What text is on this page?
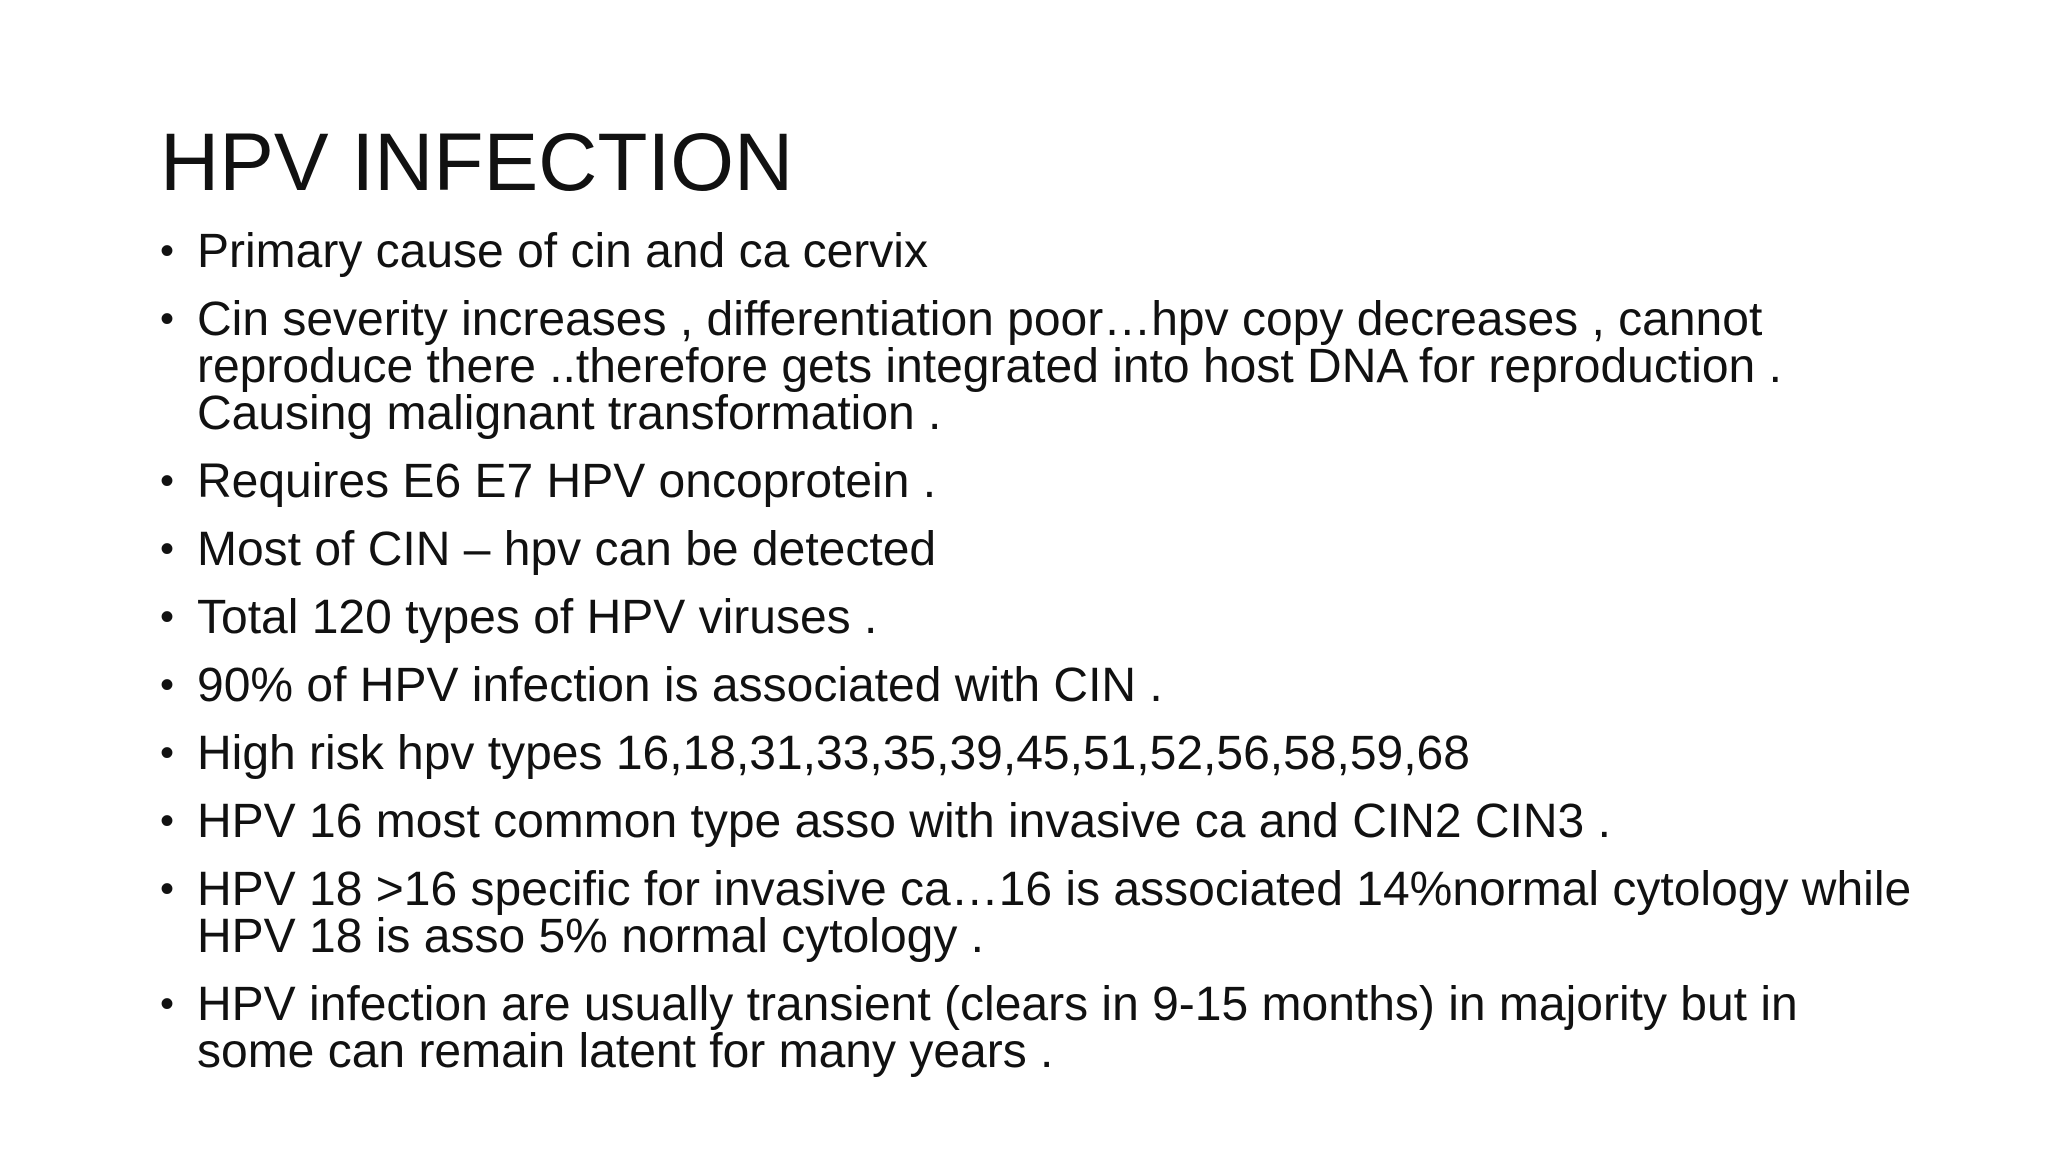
HPV INFECTION
• Primary cause of cin and ca cervix
• Cin severity increases , differentiation poor…hpv copy decreases , cannot reproduce there ..therefore gets integrated into host DNA for reproduction . Causing malignant transformation .
• Requires E6 E7 HPV oncoprotein .
• Most of CIN – hpv can be detected
• Total 120 types of HPV viruses .
• 90% of HPV infection is associated with CIN .
• High risk hpv types 16,18,31,33,35,39,45,51,52,56,58,59,68
• HPV 16 most common type asso with invasive ca and CIN2 CIN3 .
• HPV 18 >16 specific for invasive ca…16 is associated 14%normal cytology while HPV 18 is asso 5% normal cytology .
• HPV infection are usually transient (clears in 9-15 months) in majority but in some can remain latent for many years .
